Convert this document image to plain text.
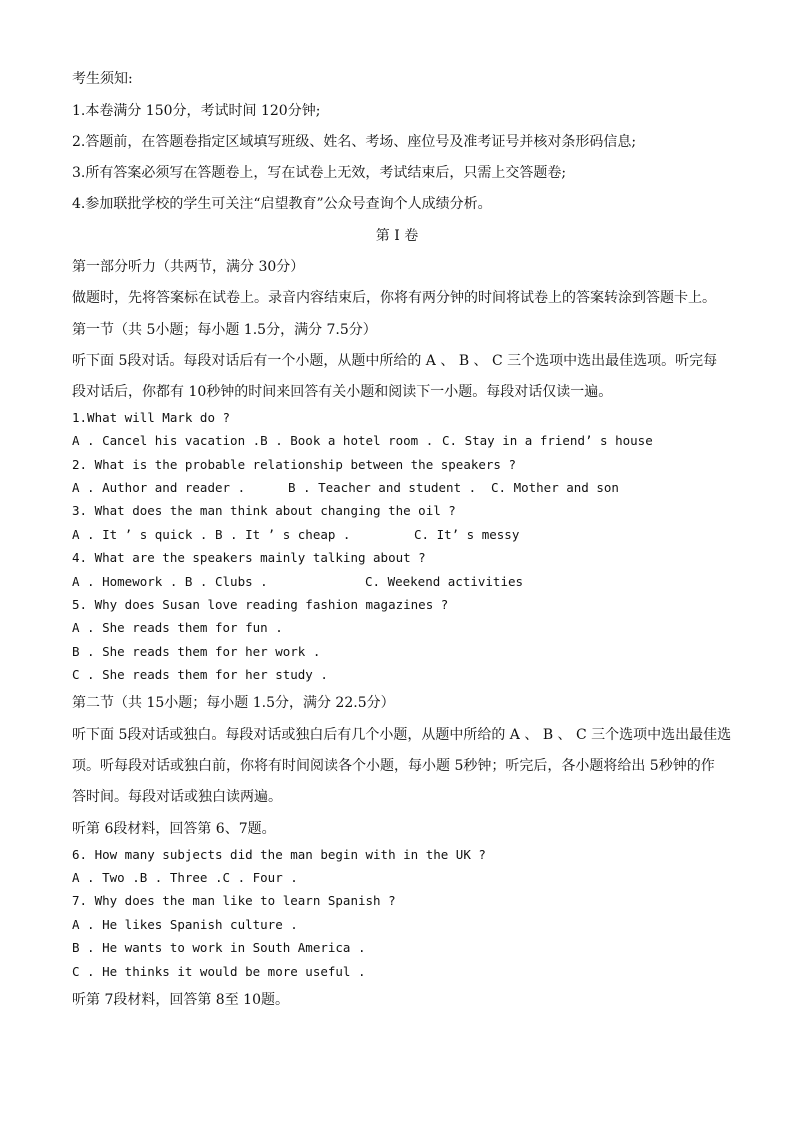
考生须知:
1.本卷满分 150分，考试时间 120分钟;
2.答题前，在答题卷指定区域填写班级、姓名、考场、座位号及准考证号并核对条形码信息;
3.所有答案必须写在答题卷上，写在试卷上无效，考试结束后，只需上交答题卷;
4.参加联批学校的学生可关注“启望教育”公众号查询个人成绩分析。
第 I 卷
第一部分听力（共两节，满分 30分）
做题时，先将答案标在试卷上。录音内容结束后，你将有两分钟的时间将试卷上的答案转涂到答题卡上。
第一节（共 5小题；每小题 1.5分，满分 7.5分）
听下面 5段对话。每段对话后有一个小题，从题中所给的 A 、 B 、 C 三个选项中选出最佳选项。听完每
段对话后，你都有 10秒钟的时间来回答有关小题和阅读下一小题。每段对话仅读一遍。
1.What will Mark do ?
A . Cancel his vacation .B . Book a hotel room . C. Stay in a friend’ s house
2. What is the probable relationship between the speakers ?
A . Author and reader .	B . Teacher and student . C. Mother and son
3. What does the man think about changing the oil ?
A . It ’ s quick . B . It ’ s cheap .	C. It’ s messy
4. What are the speakers mainly talking about ?
A . Homework . B . Clubs .	C. Weekend activities
5. Why does Susan love reading fashion magazines ?
A . She reads them for fun .
B . She reads them for her work .
C . She reads them for her study .
第二节（共 15小题；每小题 1.5分，满分 22.5分）
听下面 5段对话或独白。每段对话或独白后有几个小题，从题中所给的 A 、 B 、 C 三个选项中选出最佳选
项。听每段对话或独白前，你将有时间阅读各个小题，每小题 5秒钟；听完后，各小题将给出 5秒钟的作
答时间。每段对话或独白读两遍。
听第 6段材料，回答第 6、7题。
6. How many subjects did the man begin with in the UK ?
A . Two .B . Three .C . Four .
7. Why does the man like to learn Spanish ?
A . He likes Spanish culture .
B . He wants to work in South America .
C . He thinks it would be more useful .
听第 7段材料，回答第 8至 10题。
